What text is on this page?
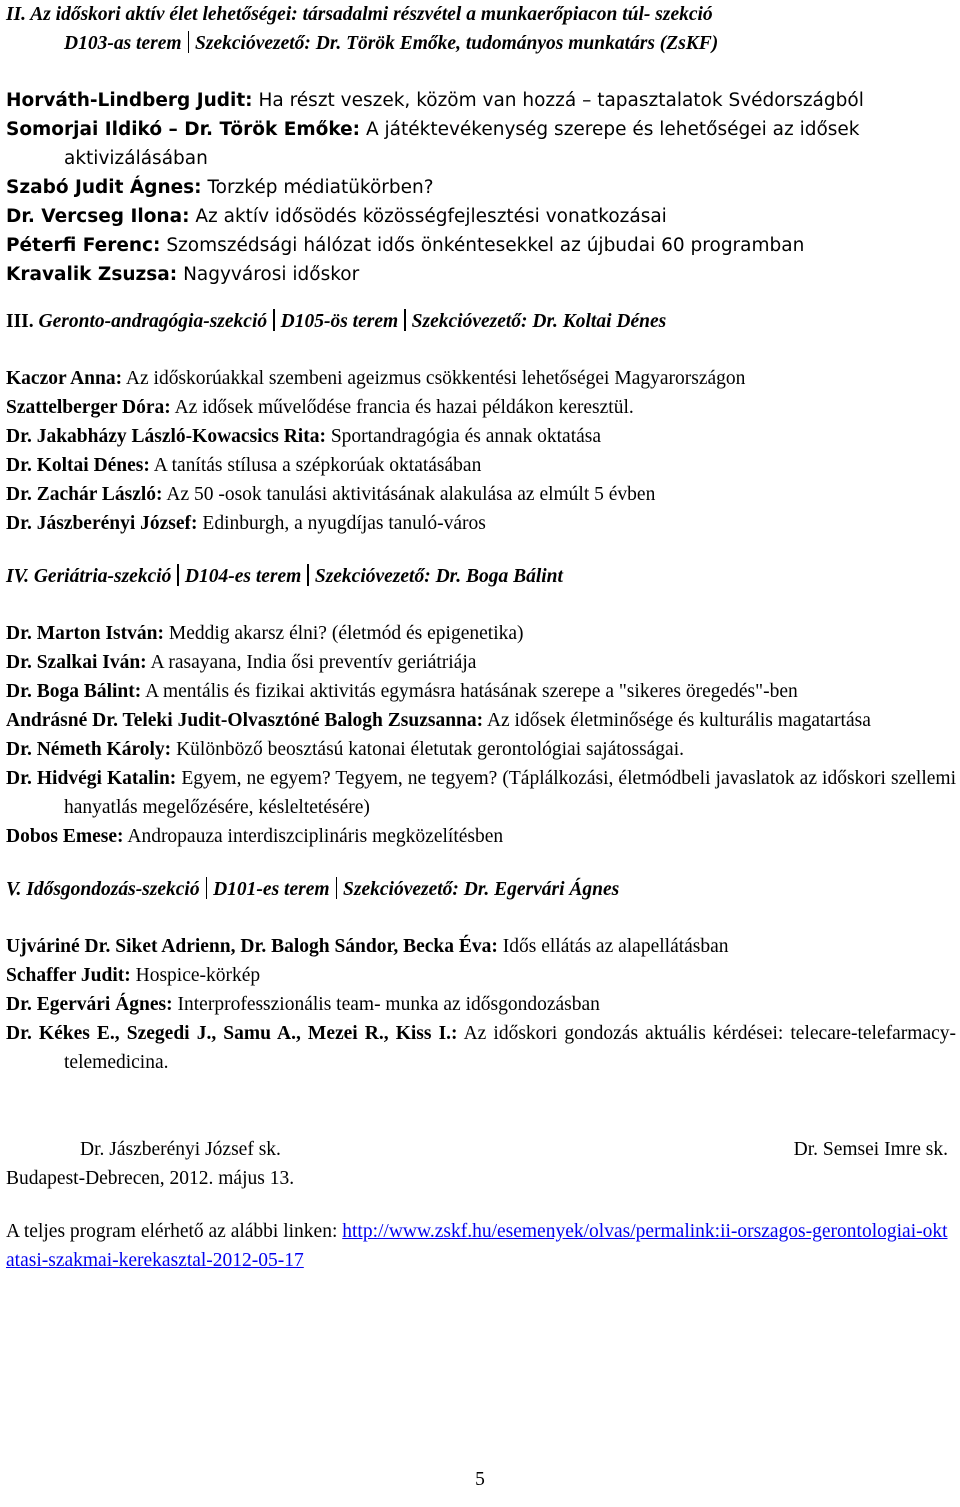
II. Az időskori aktív élet lehetőségei: társadalmi részvétel a munkaerőpiacon túl- szekció
D103-as terem Szekcióvezető: Dr. Török Emőke, tudományos munkatárs (ZsKF)

Horváth-Lindberg Judit: Ha részt veszek, közöm van hozzá – tapasztalatok Svédországból

Somorjai Ildikó – Dr. Török Emőke: A játéktevékenység szerepe és lehetőségei az idősek aktivizálásában

Szabó Judit Ágnes: Torzkép médiatükörben?

Dr. Vercseg Ilona: Az aktív idősödés közösségfejlesztési vonatkozásai

Péterfi Ferenc: Szomszédsági hálózat idős önkéntesekkel az újbudai 60 programban

Kravalik Zsuzsa: Nagyvárosi időskor

III. Geronto-andragógia-szekció D105-ös terem Szekcióvezető: Dr. Koltai Dénes

Kaczor Anna: Az időskorúakkal szembeni ageizmus csökkentési lehetőségei Magyarországon

Szattelberger Dóra: Az idősek művelődése francia és hazai példákon keresztül.

Dr. Jakabházy László-Kowacsics Rita: Sportandragógia és annak oktatása

Dr. Koltai Dénes: A tanítás stílusa a szépkorúak oktatásában

Dr. Zachár László: Az 50 -osok tanulási aktivitásának alakulása az elmúlt 5 évben

Dr. Jászberényi József: Edinburgh, a nyugdíjas tanuló-város

IV. Geriátria-szekció D104-es terem Szekcióvezető: Dr. Boga Bálint

Dr. Marton István: Meddig akarsz élni? (életmód és epigenetika)

Dr. Szalkai Iván: A rasayana, India ősi preventív geriátriája

Dr. Boga Bálint: A mentális és fizikai aktivitás egymásra hatásának szerepe a "sikeres öregedés"-ben

Andrásné Dr. Teleki Judit-Olvasztóné Balogh Zsuzsanna: Az idősek életminősége és kulturális magatartása

Dr. Németh Károly: Különböző beosztású katonai életutak gerontológiai sajátosságai.

Dr. Hidvégi Katalin: Egyem, ne egyem? Tegyem, ne tegyem? (Táplálkozási, életmódbeli javaslatok az időskori szellemi hanyatlás megelőzésére, késleltetésére)

Dobos Emese: Andropauza interdiszciplináris megközelítésben

V. Idősgondozás-szekció D101-es terem Szekcióvezető: Dr. Egervári Ágnes

Ujváriné Dr. Siket Adrienn, Dr. Balogh Sándor, Becka Éva: Idős ellátás az alapellátásban

Schaffer Judit: Hospice-körkép

Dr. Egervári Ágnes: Interprofesszionális team- munka az idősgondozásban

Dr. Kékes E., Szegedi J., Samu A., Mezei R., Kiss I.: Az időskori gondozás aktuális kérdései: telecare-telefarmacy-telemedicina.

Dr. Jászberényi József sk.	Dr. Semsei Imre sk.
Budapest-Debrecen, 2012. május 13.

A teljes program elérhető az alábbi linken: http://www.zskf.hu/esemenyek/olvas/permalink:ii-orszagos-gerontologiai-oktatasi-szakmai-kerekasztal-2012-05-17

5
